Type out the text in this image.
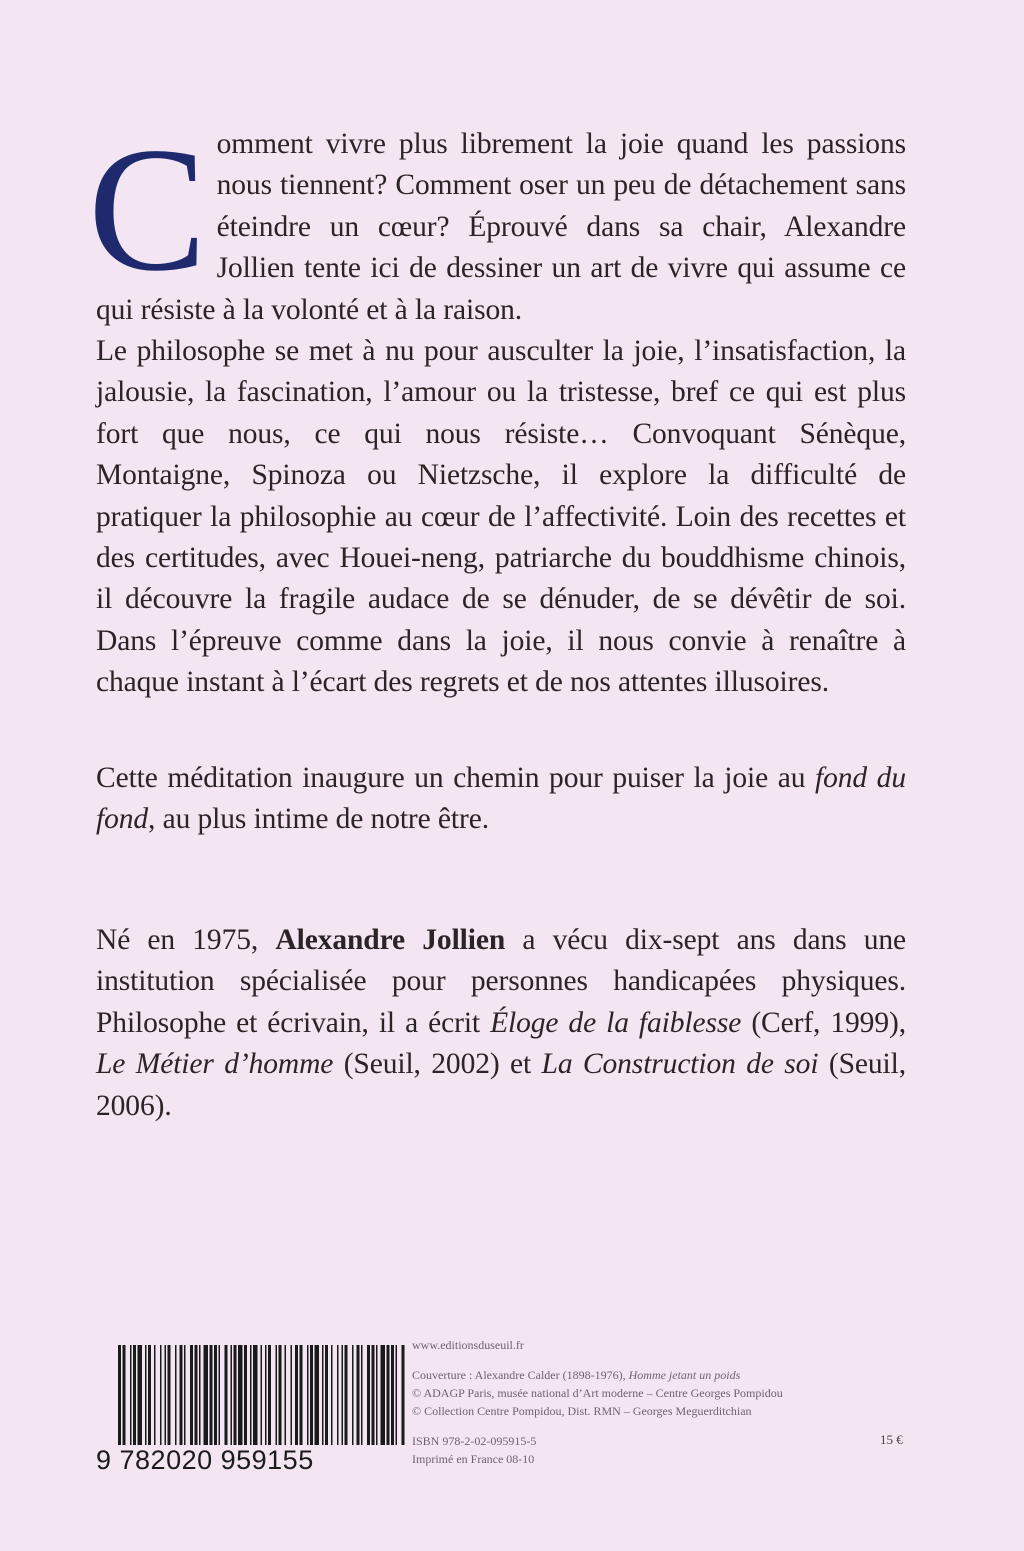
C omment vivre plus librement la joie quand les passions nous tiennent? Comment oser un peu de détachement sans éteindre un cœur? Éprouvé dans sa chair, Alexandre Jollien tente ici de dessiner un art de vivre qui assume ce qui résiste à la volonté et à la raison.

Le philosophe se met à nu pour ausculter la joie, l’insatisfaction, la jalousie, la fascination, l’amour ou la tristesse, bref ce qui est plus fort que nous, ce qui nous résiste… Convoquant Sénèque, Montaigne, Spinoza ou Nietzsche, il explore la difficulté de pratiquer la philosophie au cœur de l’affectivité. Loin des recettes et des certitudes, avec Houei-neng, patriarche du bouddhisme chinois, il découvre la fragile audace de se dénuder, de se dévêtir de soi. Dans l’épreuve comme dans la joie, il nous convie à renaître à chaque instant à l’écart des regrets et de nos attentes illusoires.

Cette méditation inaugure un chemin pour puiser la joie au fond du fond, au plus intime de notre être.

Né en 1975, Alexandre Jollien a vécu dix-sept ans dans une institution spécialisée pour personnes handicapées physiques. Philosophe et écrivain, il a écrit Éloge de la faiblesse (Cerf, 1999), Le Métier d’homme (Seuil, 2002) et La Construction de soi (Seuil, 2006).

9 782020 959155
www.editionsduseuil.fr
Couverture : Alexandre Calder (1898-1976), Homme jetant un poids
© ADAGP Paris, musée national d’Art moderne – Centre Georges Pompidou
© Collection Centre Pompidou, Dist. RMN – Georges Meguerditchian
ISBN 978-2-02-095915-5
Imprimé en France 08-10
15 €
